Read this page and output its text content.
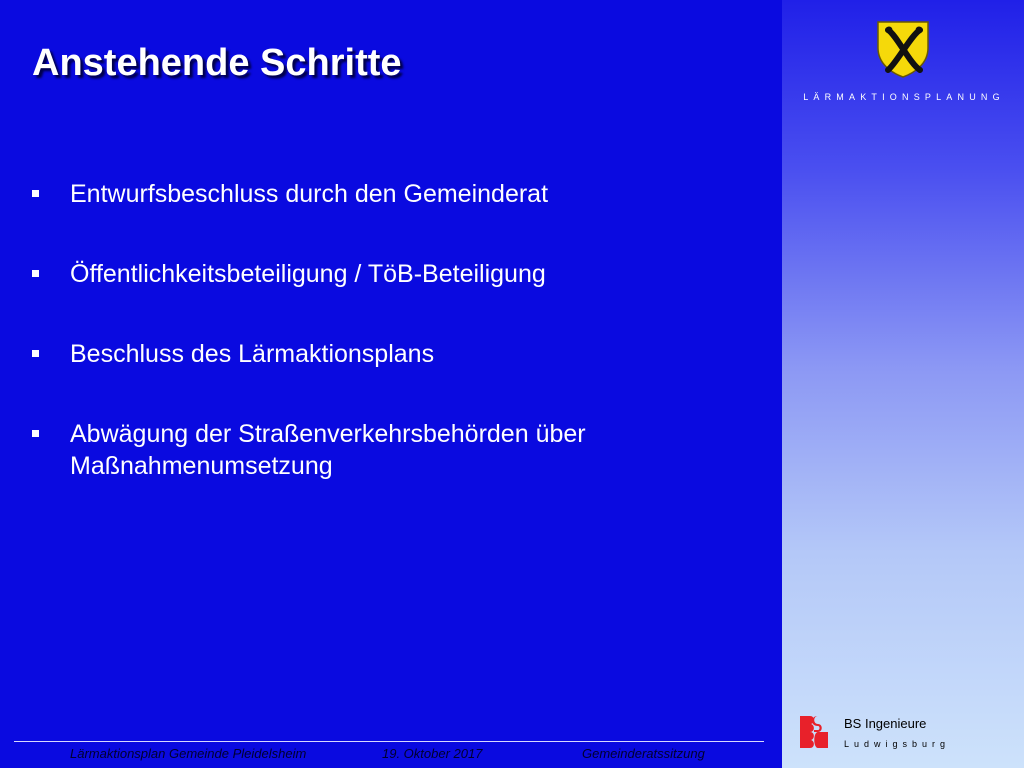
Anstehende Schritte
Entwurfsbeschluss durch den Gemeinderat
Öffentlichkeitsbeteiligung / TöB-Beteiligung
Beschluss des Lärmaktionsplans
Abwägung der Straßenverkehrsbehörden über Maßnahmenumsetzung
Lärmaktionsplan Gemeinde Pleidelsheim	19. Oktober 2017	Gemeinderatssitzung
LÄRMAKTIONSPLANUNG
BS Ingenieure
Ludwigsburg
